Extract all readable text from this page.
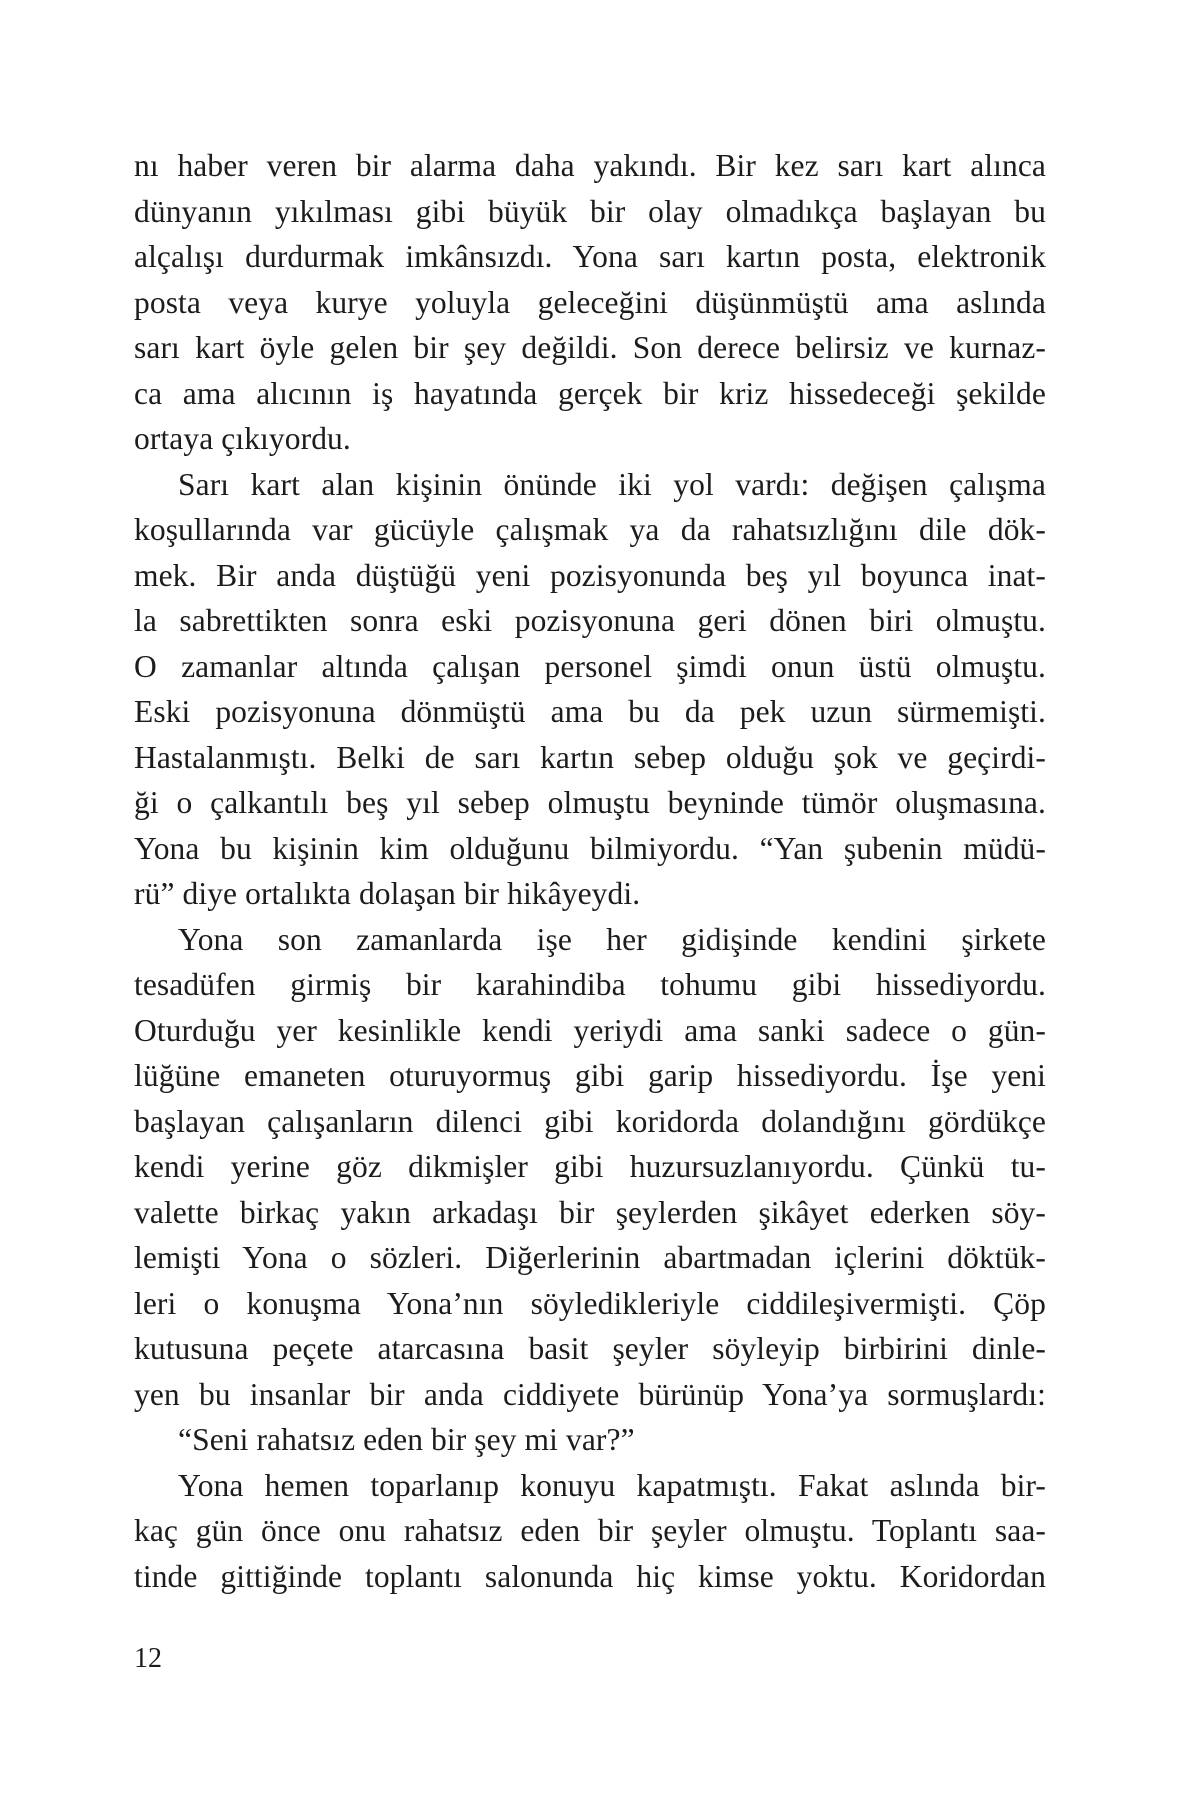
nı haber veren bir alarma daha yakındı. Bir kez sarı kart alınca
dünyanın yıkılması gibi büyük bir olay olmadıkça başlayan bu
alçalışı durdurmak imkânsızdı. Yona sarı kartın posta, elektronik
posta veya kurye yoluyla geleceğini düşünmüştü ama aslında
sarı kart öyle gelen bir şey değildi. Son derece belirsiz ve kurnaz-
ca ama alıcının iş hayatında gerçek bir kriz hissedeceği şekilde
ortaya çıkıyordu.
Sarı kart alan kişinin önünde iki yol vardı: değişen çalışma
koşullarında var gücüyle çalışmak ya da rahatsızlığını dile dök-
mek. Bir anda düştüğü yeni pozisyonunda beş yıl boyunca inat-
la sabrettikten sonra eski pozisyonuna geri dönen biri olmuştu.
O zamanlar altında çalışan personel şimdi onun üstü olmuştu.
Eski pozisyonuna dönmüştü ama bu da pek uzun sürmemişti.
Hastalanmıştı. Belki de sarı kartın sebep olduğu şok ve geçirdi-
ği o çalkantılı beş yıl sebep olmuştu beyninde tümör oluşmasına.
Yona bu kişinin kim olduğunu bilmiyordu. “Yan şubenin müdü-
rü” diye ortalıkta dolaşan bir hikâyeydi.
Yona son zamanlarda işe her gidişinde kendini şirkete
tesadüfen girmiş bir karahindiba tohumu gibi hissediyordu.
Oturduğu yer kesinlikle kendi yeriydi ama sanki sadece o gün-
lüğüne emaneten oturuyormuş gibi garip hissediyordu. İşe yeni
başlayan çalışanların dilenci gibi koridorda dolandığını gördükçe
kendi yerine göz dikmişler gibi huzursuzlanıyordu. Çünkü tu-
valette birkaç yakın arkadaşı bir şeylerden şikâyet ederken söy-
lemişti Yona o sözleri. Diğerlerinin abartmadan içlerini döktük-
leri o konuşma Yona’nın söyledikleriyle ciddileşivermişti. Çöp
kutusuna peçete atarcasına basit şeyler söyleyip birbirini dinle-
yen bu insanlar bir anda ciddiyete bürünüp Yona’ya sormuşlardı:
“Seni rahatsız eden bir şey mi var?”
Yona hemen toparlanıp konuyu kapatmıştı. Fakat aslında bir-
kaç gün önce onu rahatsız eden bir şeyler olmuştu. Toplantı saa-
tinde gittiğinde toplantı salonunda hiç kimse yoktu. Koridordan
12
